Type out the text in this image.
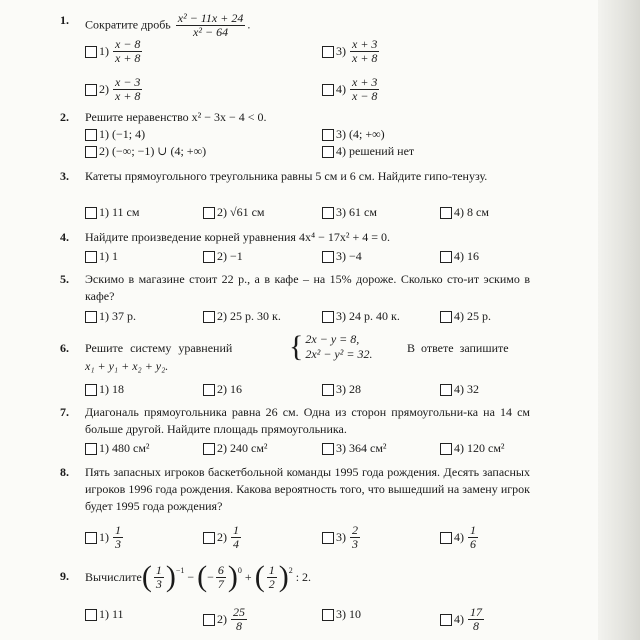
1. Сократите дробь $\frac{\text{x² − 11x + 24}}{\text{x² − 64}}$ .
$1) \frac{x - 8}{x + 8}$	$3) \frac{x + 3}{x + 8}$
$2) \frac{x - 3}{x + 8}$	$4) \frac{x + 3}{x - 8}$
2. Решите неравенство x² − 3x − 4 < 0.
1) (−1; 4)	3) (4; +∞)
2) (−∞; −1) ∪ (4; +∞)	4) решений нет
3. Катеты прямоугольного треугольника равны 5 см и 6 см. Найдите гипо-тенузу.
1) 11 см	2) √61 см	3) 61 см	4) 8 см
4. Найдите произведение корней уравнения 4x⁴ − 17x² + 4 = 0.
1) 1	2) −1	3) −4	4) 16
5. Эскимо в магазине стоит 22 р., а в кафе – на 15% дороже. Сколько сто-ит эскимо в кафе?
1) 37 р.	2) 25 р. 30 к.	3) 24 р. 40 к.	4) 25 р.
6. Решите систему уравнений { 2x − y = 8,
2x² − y² = 32.	В ответе запишите
x₁ + y₁ + x₂ + y₂.
1) 18	2) 16	3) 28	4) 32
7. Диагональ прямоугольника равна 26 см. Одна из сторон прямоугольни-ка на 14 см больше другой. Найдите площадь прямоугольника.
1) 480 см²	2) 240 см²	3) 364 см²	4) 120 см²
8. Пять запасных игроков баскетбольной команды 1995 года рождения. Десять запасных игроков 1996 года рождения. Какова вероятность того, что вышедший на замену игрок будет 1995 года рождения?
$1) \frac{1}{3}$	$2) \frac{1}{4}$	$3) \frac{2}{3}$	$4) \frac{1}{6}$
9. Вычислите ( $\frac{1}{3} )^{-1}$ − ( − $\frac{6}{7} )^0$ + ( $\frac{1}{2} )^2$ : 2.
1) 11	$2) \frac{25}{8}$	3) 10	$4) \frac{17}{8}$
